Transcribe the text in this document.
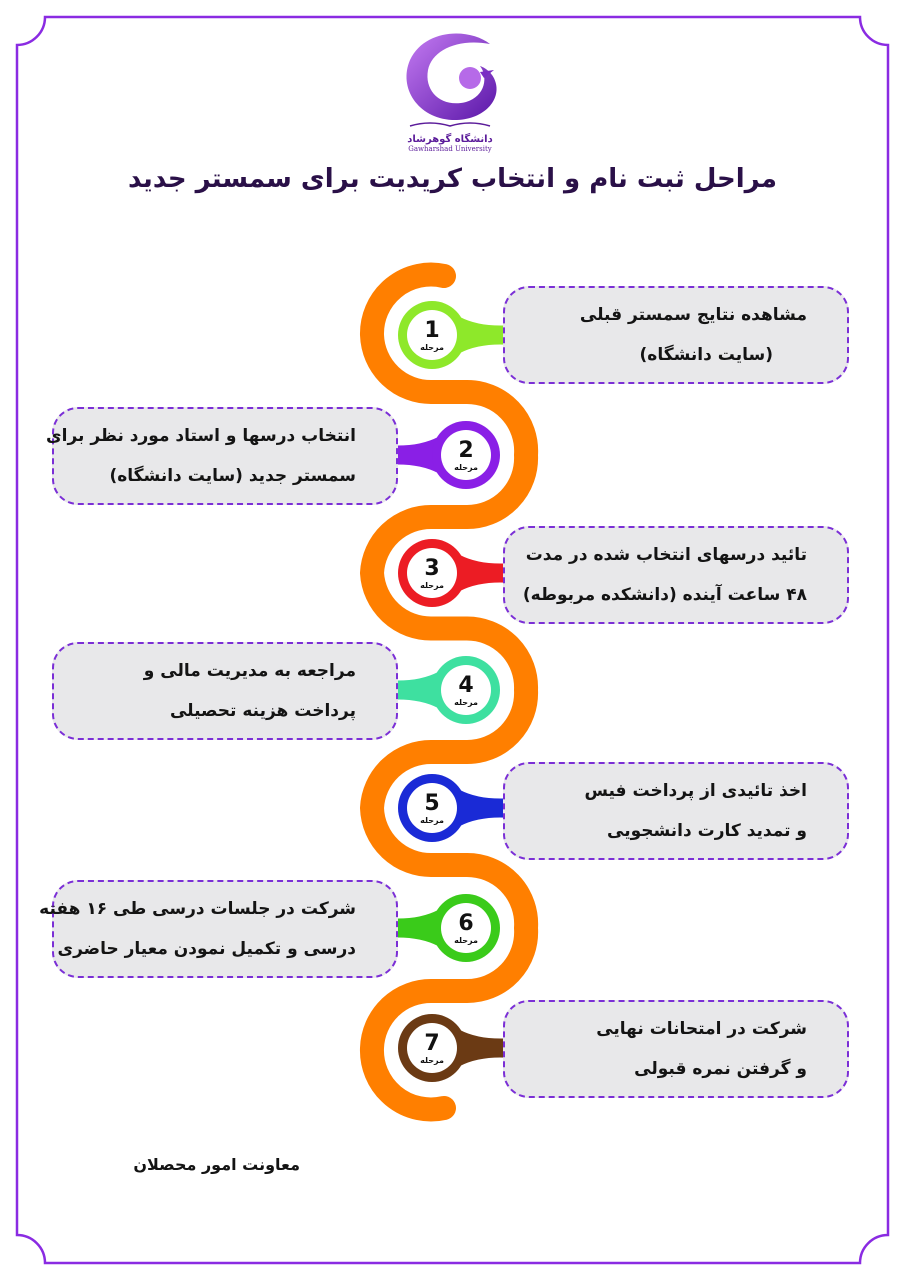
1
مرحله
2
مرحله
3
مرحله
4
مرحله
5
مرحله
6
مرحله
7
مرحله
دانشگاه گوهرشاد
Gawharshad University
مراحل ثبت نام و انتخاب کریدیت برای سمستر جدید
مشاهده نتایج سمستر قبلی
(سایت دانشگاه)
انتخاب درسها و استاد مورد نظر برای
سمستر جدید (سایت دانشگاه)
تائید درسهای انتخاب شده در مدت
۴۸ ساعت آینده (دانشکده مربوطه)
مراجعه به مدیریت مالی و
پرداخت هزینه تحصیلی
اخذ تائیدی از پرداخت فیس
و تمدید کارت دانشجویی
شرکت در جلسات درسی طی ۱۶ هفته
درسی و تکمیل نمودن معیار حاضری
شرکت در امتحانات نهایی
و گرفتن نمره قبولی
معاونت امور محصلان
